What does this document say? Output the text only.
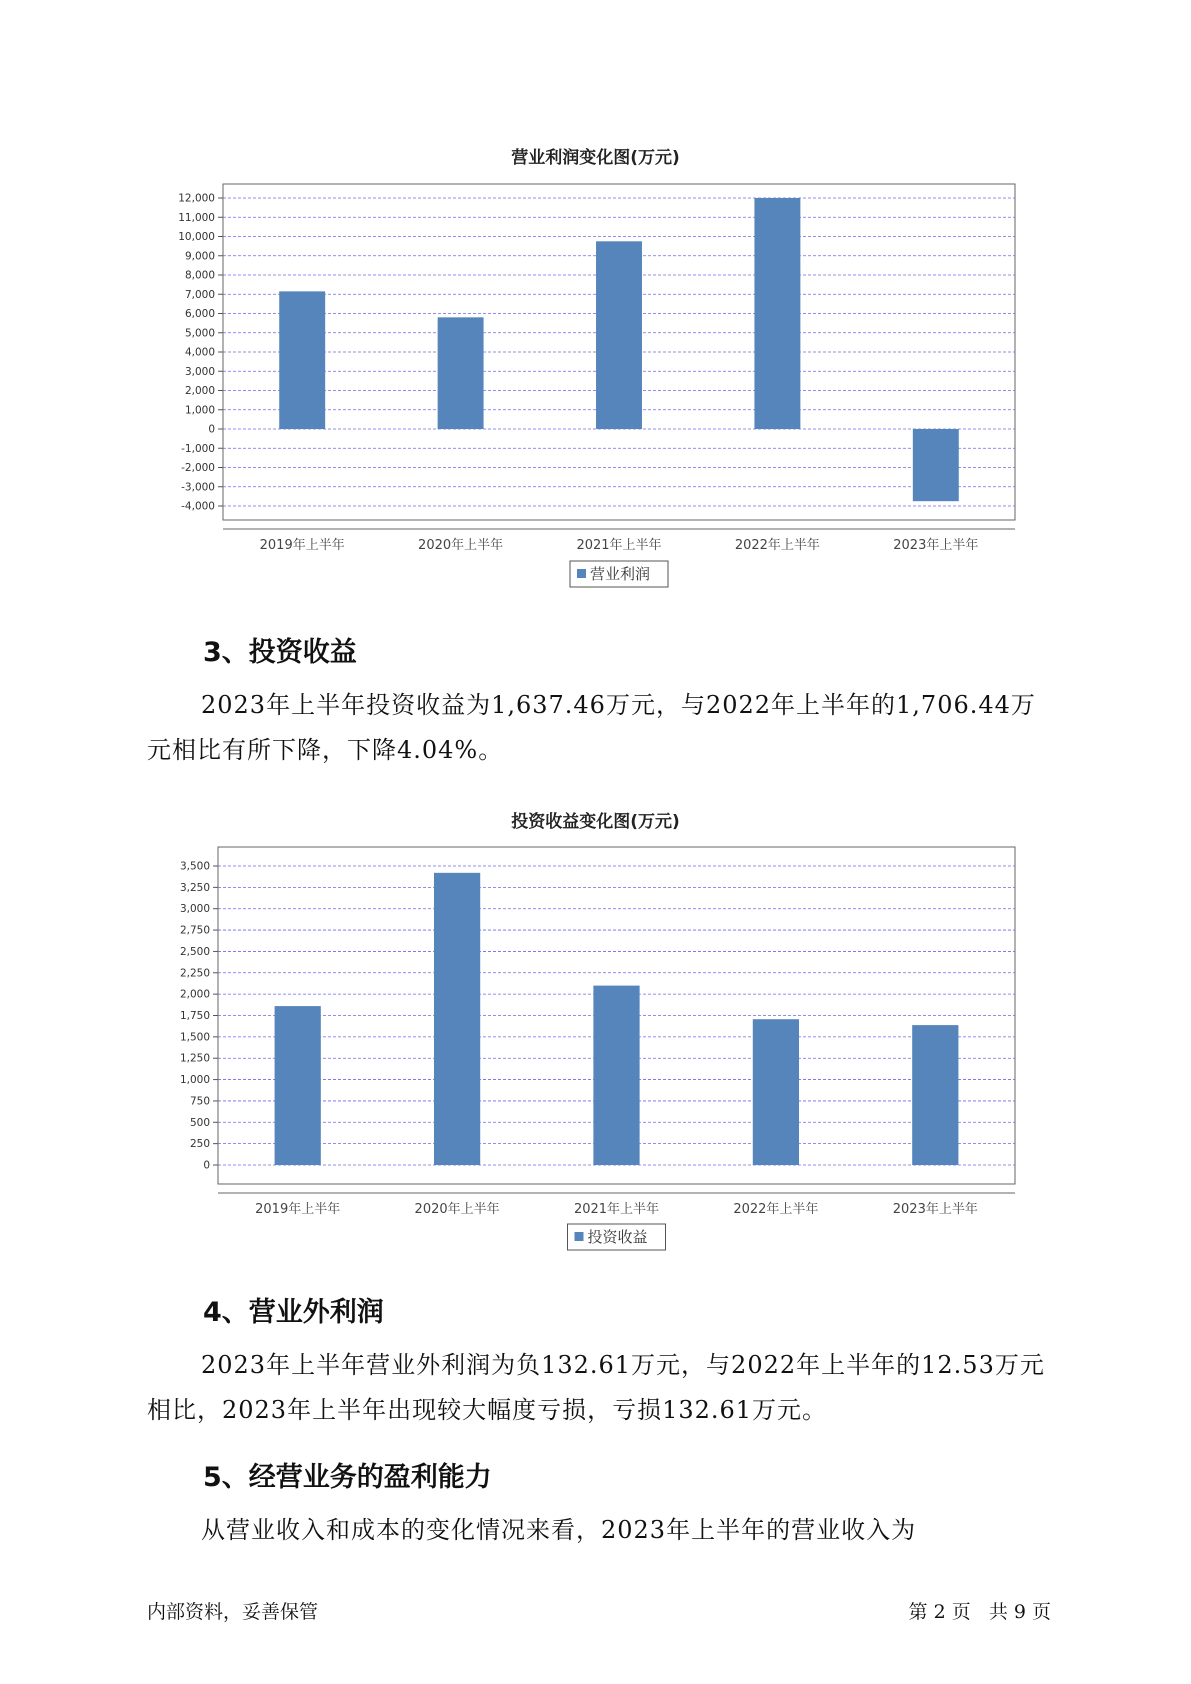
营业利润变化图(万元)
12,000
11,000
10,000
9,000
8,000
7,000
6,000
5,000
4,000
3,000
2,000
1,000
0
-1,000
-2,000
-3,000
-4,000
2019年上半年	2020年上半年	2021年上半年	2022年上半年	2023年上半年
营业利润
3、投资收益

2023年上半年投资收益为1,637.46万元，与2022年上半年的1,706.44万元相比有所下降，下降4.04%。

投资收益变化图(万元)
3,500
3,250
3,000
2,750
2,500
2,250
2,000
1,750
1,500
1,250
1,000
750
500
250
0
2019年上半年	2020年上半年	2021年上半年	2022年上半年	2023年上半年
投资收益
4、营业外利润

2023年上半年营业外利润为负132.61万元，与2022年上半年的12.53万元相比，2023年上半年出现较大幅度亏损，亏损132.61万元。

5、经营业务的盈利能力

从营业收入和成本的变化情况来看，2023年上半年的营业收入为

内部资料，妥善保管	第 2 页   共 9 页
